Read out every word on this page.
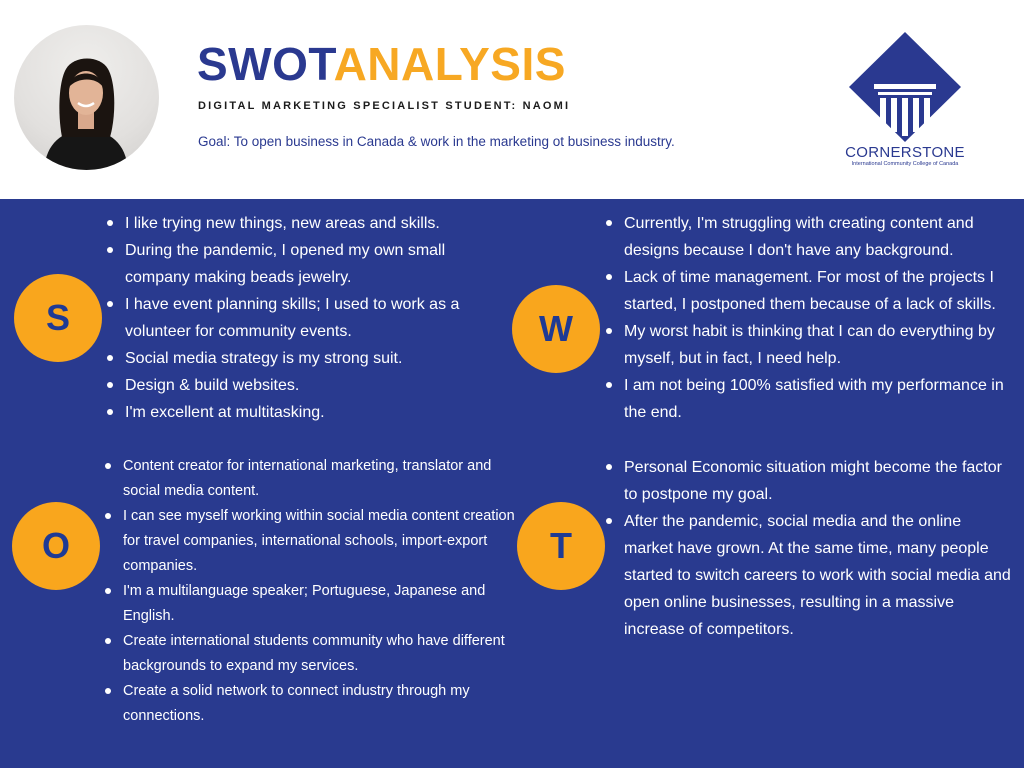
SWOTANALYSIS
DIGITAL MARKETING SPECIALIST STUDENT: NAOMI
Goal: To open business in Canada & work in the marketing ot business industry.
CORNERSTONE
International Community College of Canada
S
I like trying new things, new areas and skills.
During the pandemic, I opened my own small company making beads jewelry.
I have event planning skills; I used to work as a volunteer for community events.
Social media strategy is my strong suit.
Design & build websites.
I'm excellent at multitasking.
W
Currently, I'm struggling with creating content and designs because I don't have any background.
Lack of time management. For most of the projects I started, I postponed them because of a lack of skills.
My worst habit is thinking that I can do everything by myself, but in fact, I need help.
I am not being 100% satisfied with my performance in the end.
O
Content creator for international marketing, translator and social media content.
I can see myself working within social media content creation for travel companies, international schools, import-export companies.
I'm a multilanguage speaker; Portuguese, Japanese and English.
Create international students community who have different backgrounds to expand my services.
Create a solid network to connect industry through my connections.
T
Personal Economic situation might become the factor to postpone my goal.
After the pandemic, social media and the online market have grown. At the same time, many people started to switch careers to work with social media and open online businesses, resulting in a massive increase of competitors.
